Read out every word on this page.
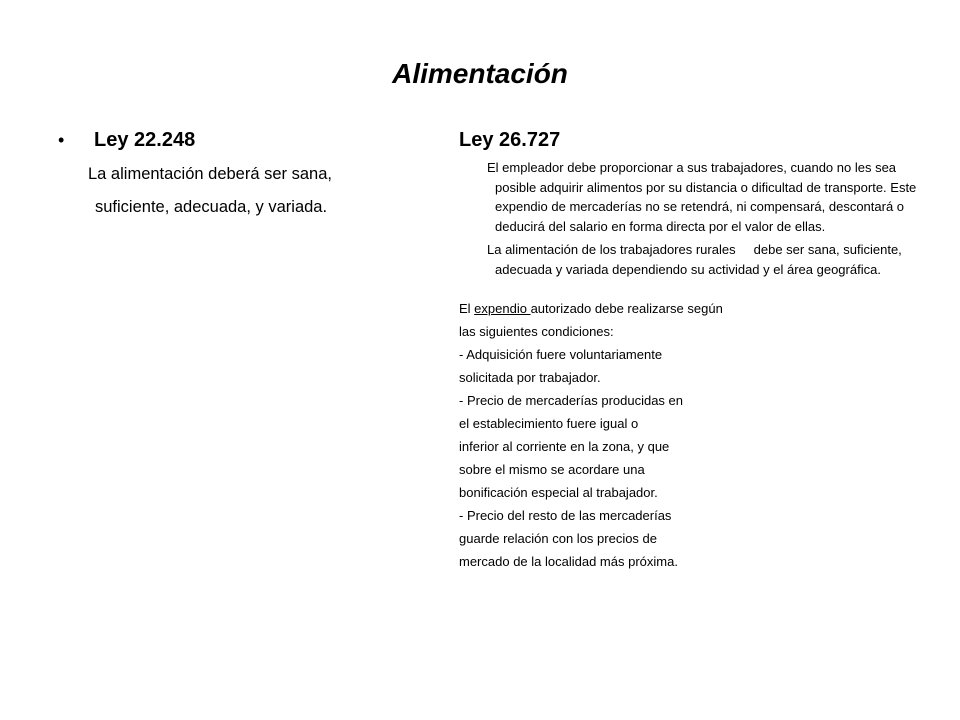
Alimentación
• Ley 22.248

La alimentación deberá ser sana,
suficiente, adecuada, y variada.

Ley 26.727

El empleador debe proporcionar a sus trabajadores, cuando no les sea posible adquirir alimentos por su distancia o dificultad de transporte. Este expendio de mercaderías no se retendrá, ni compensará, descontará o deducirá del salario en forma directa por el valor de ellas.

La alimentación de los trabajadores rurales     debe ser sana, suficiente, adecuada y variada dependiendo su actividad y el área geográfica.

El expendio autorizado debe realizarse según
las siguientes condiciones:
- Adquisición fuere voluntariamente
solicitada por trabajador.
- Precio de mercaderías producidas en
el establecimiento fuere igual o
inferior al corriente en la zona, y que
sobre el mismo se acordare una
bonificación especial al trabajador.
- Precio del resto de las mercaderías
guarde relación con los precios de
mercado de la localidad más próxima.
